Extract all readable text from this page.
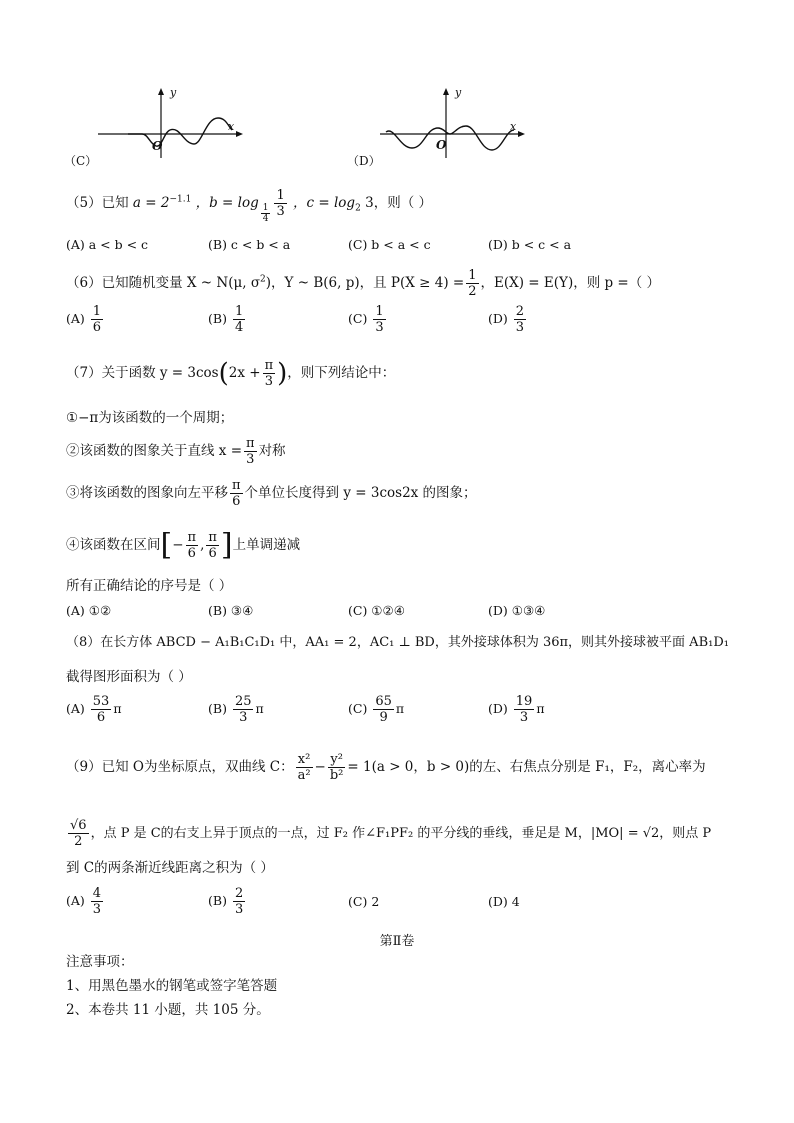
y
x
O
（C）
y
x
O
（D）
（5）已知 $a = 2^{-1.1}$ ，$b = \log \frac{1}{4} \frac{1}{3}$ ，$c = \log_2 3$，则（ ）
(A) a < b < c	(B) c < b < a	(C) b < a < c	(D) b < c < a
（6）已知随机变量 X ~ N(μ, $\sigma^2$)，Y ~ B(6, p)，且 $P(X \ge 4) = \frac{1}{2}$ ，E(X) = E(Y)，则 p =（ ）
$(A) \frac{1}{6}$	$(B) \frac{1}{4}$	$(C) \frac{1}{3}$	$(D) \frac{2}{3}$
（7）关于函数 $y = 3\cos(2x + \frac{\pi}{3}$ )，则下列结论中：
①−π为该函数的一个周期；
②该函数的图象关于直线 $x = \frac{\pi}{3}$ 对称
③将该函数的图象向左平移 $\frac{\pi}{6}$ 个单位长度得到 y = 3cos2x 的图象；
④该函数在区间[− $\frac{\pi}{6}$ , $\frac{\pi}{6}$ ]上单调递减
所有正确结论的序号是（ ）
(A) ①②	(B) ③④	(C) ①②④	(D) ①③④
（8）在长方体 ABCD − A₁B₁C₁D₁ 中，AA₁ = 2，AC₁ ⊥ BD，其外接球体积为 36π，则其外接球被平面 AB₁D₁
截得图形面积为（ ）
$(A) \frac{53}{6}$ π	$(B) \frac{25}{3}$ π	$(C) \frac{65}{9}$ π	$(D) \frac{19}{3}$ π
（9）已知 O为坐标原点，双曲线 C： $\frac{\text{x²}}{\text{a²}} - \frac{\text{y²}}{\text{b²}} = 1(a > 0$，b > 0)的左、右焦点分别是 F₁，F₂，离心率为
$\frac{√6}{2}$ ，点 P 是 C的右支上异于顶点的一点，过 F₂ 作∠F₁PF₂ 的平分线的垂线，垂足是 M，|MO| = √2，则点 P
到 C的两条渐近线距离之积为（ ）
$(A) \frac{4}{3}$	$(B) \frac{2}{3}$	(C) 2	(D) 4
第Ⅱ卷
注意事项：
1、用黑色墨水的钢笔或签字笔答题
2、本卷共 11 小题，共 105 分。
